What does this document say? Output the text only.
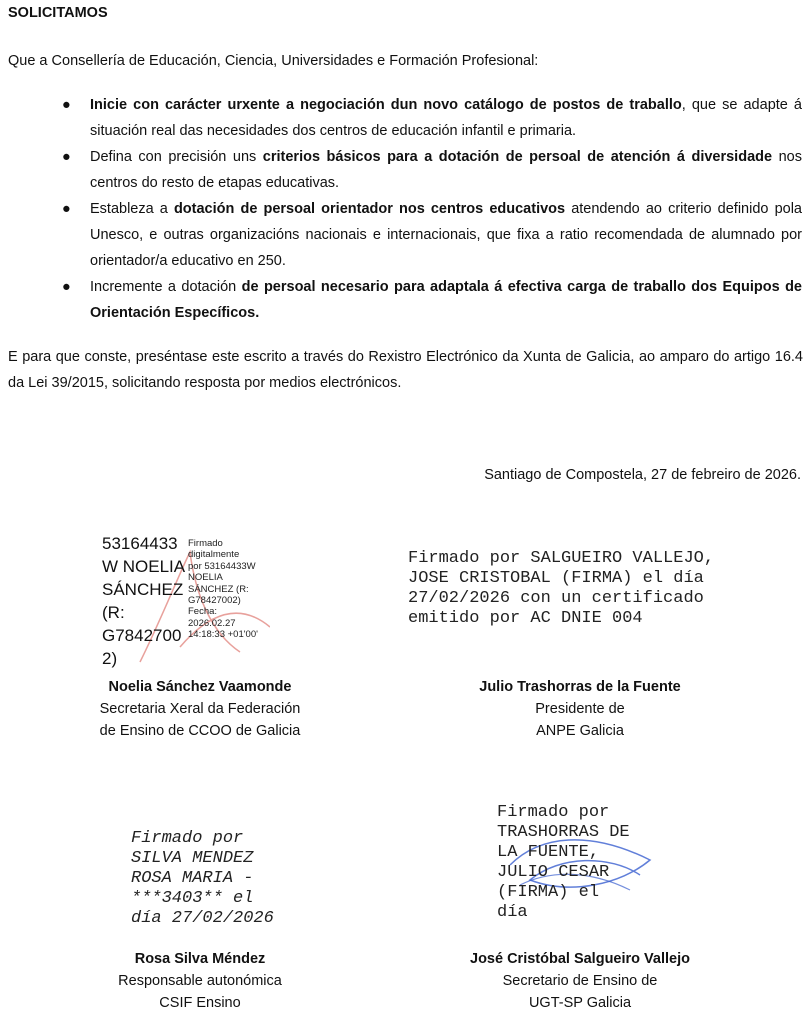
SOLICITAMOS
Que a Consellería de Educación, Ciencia, Universidades e Formación Profesional:
● Inicie con carácter urxente a negociación dun novo catálogo de postos de traballo, que se adapte á situación real das necesidades dos centros de educación infantil e primaria.
● Defina con precisión uns criterios básicos para a dotación de persoal de atención á diversidade nos centros do resto de etapas educativas.
● Estableza a dotación de persoal orientador nos centros educativos atendendo ao criterio definido pola Unesco, e outras organizacións nacionais e internacionais, que fixa a ratio recomendada de alumnado por orientador/a educativo en 250.
● Incremente a dotación de persoal necesario para adaptala á efectiva carga de traballo dos Equipos de Orientación Específicos.
E para que conste, preséntase este escrito a través do Rexistro Electrónico da Xunta de Galicia, ao amparo do artigo 16.4 da Lei 39/2015, solicitando resposta por medios electrónicos.
Santiago de Compostela, 27 de febreiro de 2026.
53164433
W NOELIA
SÁNCHEZ
(R:
G7842700
2)
Firmado
digitalmente
por 53164433W
NOELIA
SÁNCHEZ (R:
G78427002)
Fecha:
2026.02.27
14:18:33 +01'00'
Noelia Sánchez Vaamonde
Secretaria Xeral da Federación
de Ensino de CCOO de Galicia
Firmado por SALGUEIRO VALLEJO,
JOSE CRISTOBAL (FIRMA) el día
27/02/2026 con un certificado
emitido por AC DNIE 004
Julio Trashorras de la Fuente
Presidente de
ANPE Galicia
Firmado por
SILVA MENDEZ
ROSA MARIA -
***3403** el
día 27/02/2026
Rosa Silva Méndez
Responsable autonómica
CSIF Ensino
Firmado por
TRASHORRAS DE
LA FUENTE,
JULIO CESAR
(FIRMA) el
día
José Cristóbal Salgueiro Vallejo
Secretario de Ensino de
UGT-SP Galicia
